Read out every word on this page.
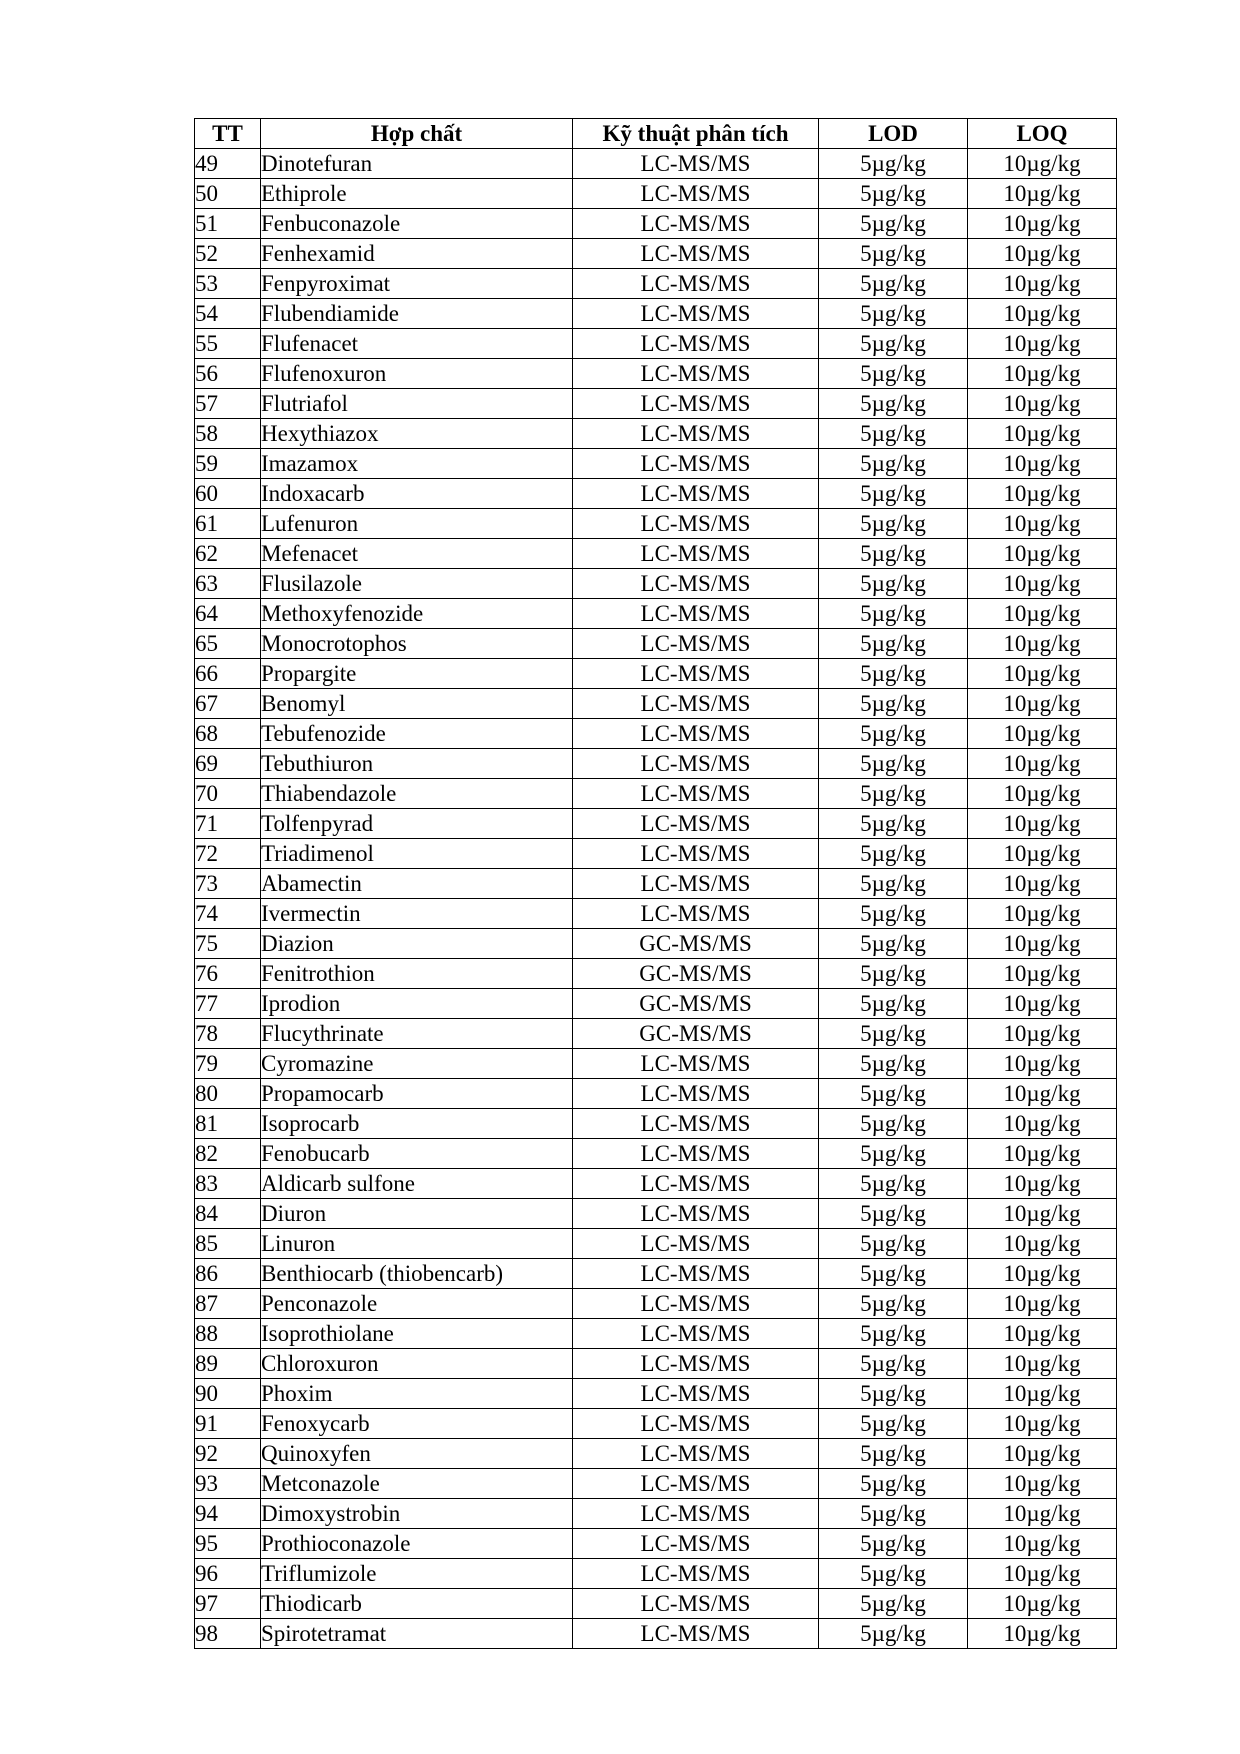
TT	Hợp chất	Kỹ thuật phân tích	LOD	LOQ
49	Dinotefuran	LC-MS/MS	5µg/kg	10µg/kg
50	Ethiprole	LC-MS/MS	5µg/kg	10µg/kg
51	Fenbuconazole	LC-MS/MS	5µg/kg	10µg/kg
52	Fenhexamid	LC-MS/MS	5µg/kg	10µg/kg
53	Fenpyroximat	LC-MS/MS	5µg/kg	10µg/kg
54	Flubendiamide	LC-MS/MS	5µg/kg	10µg/kg
55	Flufenacet	LC-MS/MS	5µg/kg	10µg/kg
56	Flufenoxuron	LC-MS/MS	5µg/kg	10µg/kg
57	Flutriafol	LC-MS/MS	5µg/kg	10µg/kg
58	Hexythiazox	LC-MS/MS	5µg/kg	10µg/kg
59	Imazamox	LC-MS/MS	5µg/kg	10µg/kg
60	Indoxacarb	LC-MS/MS	5µg/kg	10µg/kg
61	Lufenuron	LC-MS/MS	5µg/kg	10µg/kg
62	Mefenacet	LC-MS/MS	5µg/kg	10µg/kg
63	Flusilazole	LC-MS/MS	5µg/kg	10µg/kg
64	Methoxyfenozide	LC-MS/MS	5µg/kg	10µg/kg
65	Monocrotophos	LC-MS/MS	5µg/kg	10µg/kg
66	Propargite	LC-MS/MS	5µg/kg	10µg/kg
67	Benomyl	LC-MS/MS	5µg/kg	10µg/kg
68	Tebufenozide	LC-MS/MS	5µg/kg	10µg/kg
69	Tebuthiuron	LC-MS/MS	5µg/kg	10µg/kg
70	Thiabendazole	LC-MS/MS	5µg/kg	10µg/kg
71	Tolfenpyrad	LC-MS/MS	5µg/kg	10µg/kg
72	Triadimenol	LC-MS/MS	5µg/kg	10µg/kg
73	Abamectin	LC-MS/MS	5µg/kg	10µg/kg
74	Ivermectin	LC-MS/MS	5µg/kg	10µg/kg
75	Diazion	GC-MS/MS	5µg/kg	10µg/kg
76	Fenitrothion	GC-MS/MS	5µg/kg	10µg/kg
77	Iprodion	GC-MS/MS	5µg/kg	10µg/kg
78	Flucythrinate	GC-MS/MS	5µg/kg	10µg/kg
79	Cyromazine	LC-MS/MS	5µg/kg	10µg/kg
80	Propamocarb	LC-MS/MS	5µg/kg	10µg/kg
81	Isoprocarb	LC-MS/MS	5µg/kg	10µg/kg
82	Fenobucarb	LC-MS/MS	5µg/kg	10µg/kg
83	Aldicarb sulfone	LC-MS/MS	5µg/kg	10µg/kg
84	Diuron	LC-MS/MS	5µg/kg	10µg/kg
85	Linuron	LC-MS/MS	5µg/kg	10µg/kg
86	Benthiocarb (thiobencarb)	LC-MS/MS	5µg/kg	10µg/kg
87	Penconazole	LC-MS/MS	5µg/kg	10µg/kg
88	Isoprothiolane	LC-MS/MS	5µg/kg	10µg/kg
89	Chloroxuron	LC-MS/MS	5µg/kg	10µg/kg
90	Phoxim	LC-MS/MS	5µg/kg	10µg/kg
91	Fenoxycarb	LC-MS/MS	5µg/kg	10µg/kg
92	Quinoxyfen	LC-MS/MS	5µg/kg	10µg/kg
93	Metconazole	LC-MS/MS	5µg/kg	10µg/kg
94	Dimoxystrobin	LC-MS/MS	5µg/kg	10µg/kg
95	Prothioconazole	LC-MS/MS	5µg/kg	10µg/kg
96	Triflumizole	LC-MS/MS	5µg/kg	10µg/kg
97	Thiodicarb	LC-MS/MS	5µg/kg	10µg/kg
98	Spirotetramat	LC-MS/MS	5µg/kg	10µg/kg
